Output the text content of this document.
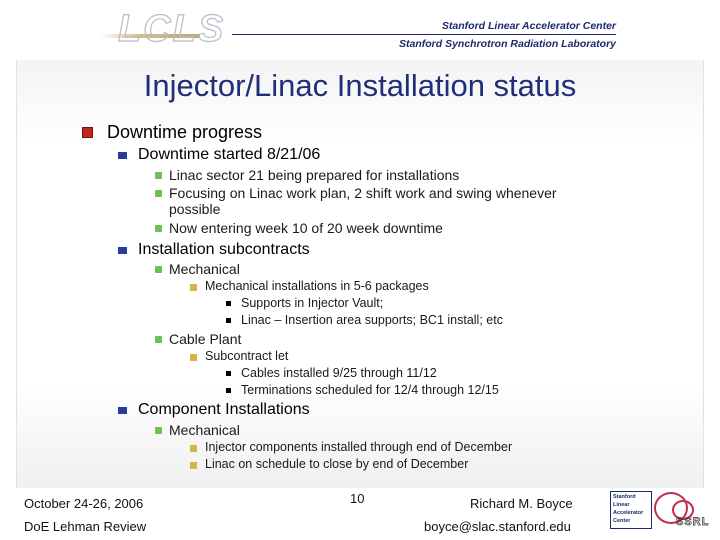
LCLS	Stanford Linear Accelerator Center
Stanford Synchrotron Radiation Laboratory
Injector/Linac Installation status
Downtime progress
Downtime started 8/21/06
Linac sector 21 being prepared for installations
Focusing on Linac work plan, 2 shift work and swing whenever
possible
Now entering week 10 of 20 week downtime
Installation subcontracts
Mechanical
Mechanical installations in 5-6 packages
Supports in Injector Vault;
Linac – Insertion area supports; BC1 install; etc
Cable Plant
Subcontract let
Cables installed 9/25 through 11/12
Terminations scheduled for 12/4 through 12/15
Component Installations
Mechanical
Injector components installed through end of December
Linac on schedule to close by end of December
October 24-26, 2006
DoE Lehman Review
10	Richard M. Boyce
boyce@slac.stanford.edu
Stanford
Linear
Accelerator
Center	SSRL
